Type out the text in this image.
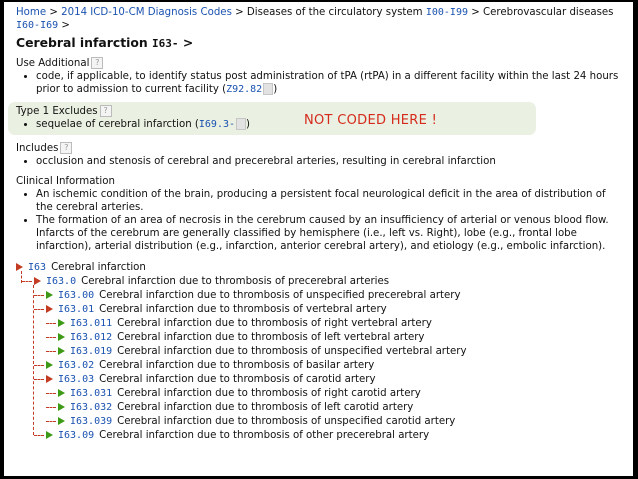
Home > 2014 ICD-10-CM Diagnosis Codes > Diseases of the circulatory system I00-I99 > Cerebrovascular diseases I60-I69 >
Cerebral infarction I63- >
Use Additional ?
• code, if applicable, to identify status post administration of tPA (rtPA) in a different facility within the last 24 hours prior to admission to current facility (Z92.82 )
Type 1 Excludes ?
• sequelae of cerebral infarction (I69.3- )	NOT CODED HERE !
Includes ?
• occlusion and stenosis of cerebral and precerebral arteries, resulting in cerebral infarction
Clinical Information
• An ischemic condition of the brain, producing a persistent focal neurological deficit in the area of distribution of the cerebral arteries.
• The formation of an area of necrosis in the cerebrum caused by an insufficiency of arterial or venous blood flow. Infarcts of the cerebrum are generally classified by hemisphere (i.e., left vs. Right), lobe (e.g., frontal lobe infarction), arterial distribution (e.g., infarction, anterior cerebral artery), and etiology (e.g., embolic infarction).
I63 Cerebral infarction
I63.0 Cerebral infarction due to thrombosis of precerebral arteries
I63.00 Cerebral infarction due to thrombosis of unspecified precerebral artery
I63.01 Cerebral infarction due to thrombosis of vertebral artery
I63.011 Cerebral infarction due to thrombosis of right vertebral artery
I63.012 Cerebral infarction due to thrombosis of left vertebral artery
I63.019 Cerebral infarction due to thrombosis of unspecified vertebral artery
I63.02 Cerebral infarction due to thrombosis of basilar artery
I63.03 Cerebral infarction due to thrombosis of carotid artery
I63.031 Cerebral infarction due to thrombosis of right carotid artery
I63.032 Cerebral infarction due to thrombosis of left carotid artery
I63.039 Cerebral infarction due to thrombosis of unspecified carotid artery
I63.09 Cerebral infarction due to thrombosis of other precerebral artery
